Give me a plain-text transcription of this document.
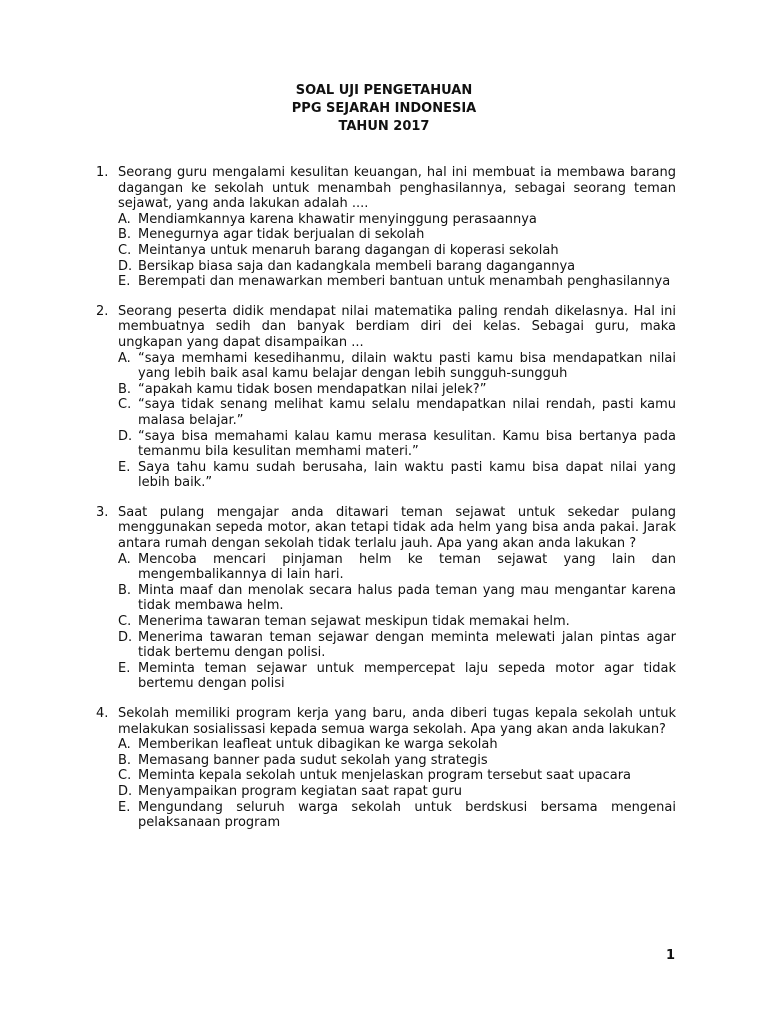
SOAL UJI PENGETAHUAN
PPG SEJARAH INDONESIA
TAHUN 2017
1. Seorang guru mengalami kesulitan keuangan, hal ini membuat ia membawa barang dagangan ke sekolah untuk menambah penghasilannya, sebagai seorang teman sejawat, yang anda lakukan adalah ....
A. Mendiamkannya karena khawatir menyinggung perasaannya
B. Menegurnya agar tidak berjualan di sekolah
C. Meintanya untuk menaruh barang dagangan di koperasi sekolah
D. Bersikap biasa saja dan kadangkala membeli barang dagangannya
E. Berempati dan menawarkan memberi bantuan untuk menambah penghasilannya
2. Seorang peserta didik mendapat nilai matematika paling rendah dikelasnya. Hal ini membuatnya sedih dan banyak berdiam diri dei kelas. Sebagai guru, maka ungkapan yang dapat disampaikan ...
A. “saya memhami kesedihanmu, dilain waktu pasti kamu bisa mendapatkan nilai yang lebih baik asal kamu belajar dengan lebih sungguh-sungguh
B. “apakah kamu tidak bosen mendapatkan nilai jelek?”
C. “saya tidak senang melihat kamu selalu mendapatkan nilai rendah, pasti kamu malasa belajar.”
D. “saya bisa memahami kalau kamu merasa kesulitan. Kamu bisa bertanya pada temanmu bila kesulitan memhami materi.”
E. Saya tahu kamu sudah berusaha, lain waktu pasti kamu bisa dapat nilai yang lebih baik.”
3. Saat pulang mengajar anda ditawari teman sejawat untuk sekedar pulang menggunakan sepeda motor, akan tetapi tidak ada helm yang bisa anda pakai. Jarak antara rumah dengan sekolah tidak terlalu jauh. Apa yang akan anda lakukan ?
A. Mencoba mencari pinjaman helm ke teman sejawat yang lain dan mengembalikannya di lain hari.
B. Minta maaf dan menolak secara halus pada teman yang mau mengantar karena tidak membawa helm.
C. Menerima tawaran teman sejawat meskipun tidak memakai helm.
D. Menerima tawaran teman sejawar dengan meminta melewati jalan pintas agar tidak bertemu dengan polisi.
E. Meminta teman sejawar untuk mempercepat laju sepeda motor agar tidak bertemu dengan polisi
4. Sekolah memiliki program kerja yang baru, anda diberi tugas kepala sekolah untuk melakukan sosialissasi kepada semua warga sekolah. Apa yang akan anda lakukan?
A. Memberikan leafleat untuk dibagikan ke warga sekolah
B. Memasang banner pada sudut sekolah yang strategis
C. Meminta kepala sekolah untuk menjelaskan program tersebut saat upacara
D. Menyampaikan program kegiatan saat rapat guru
E. Mengundang seluruh warga sekolah untuk berdskusi bersama mengenai pelaksanaan program
1
